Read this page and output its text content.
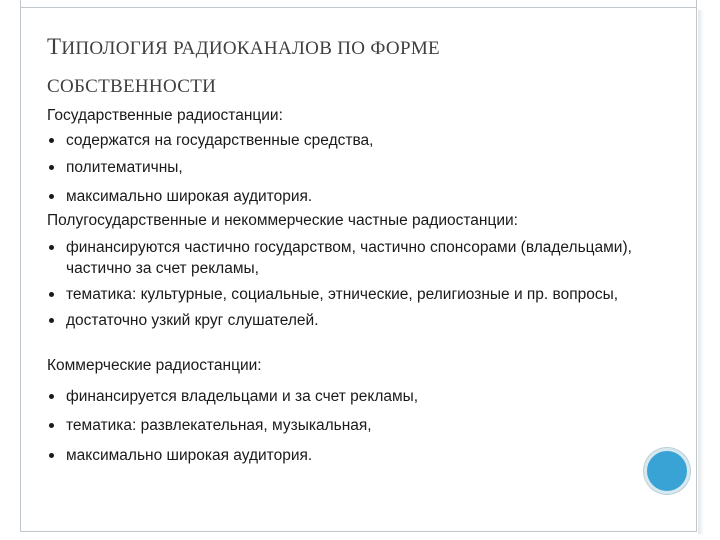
ТИПОЛОГИЯ РАДИОКАНАЛОВ ПО ФОРМЕ
СОБСТВЕННОСТИ

Государственные радиостанции:

содержатся на государственные средства,
политематичны,
максимально широкая аудитория.

Полугосударственные и некоммерческие частные радиостанции:

финансируются частично государством, частично спонсорами (владельцами), частично за счет рекламы,
тематика: культурные, социальные, этнические, религиозные и пр. вопросы,
достаточно узкий круг слушателей.

Коммерческие радиостанции:

финансируется владельцами и за счет рекламы,
тематика: развлекательная, музыкальная,
максимально широкая аудитория.
